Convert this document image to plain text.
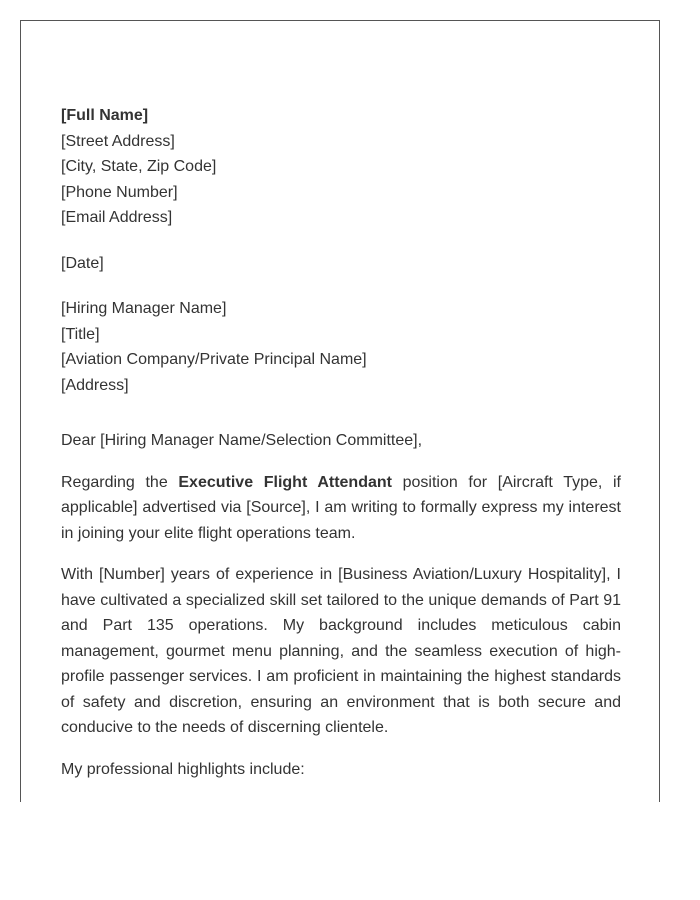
[Full Name]
[Street Address]
[City, State, Zip Code]
[Phone Number]
[Email Address]
[Date]
[Hiring Manager Name]
[Title]
[Aviation Company/Private Principal Name]
[Address]
Dear [Hiring Manager Name/Selection Committee],

Regarding the Executive Flight Attendant position for [Aircraft Type, if applicable] advertised via [Source], I am writing to formally express my interest in joining your elite flight operations team.

With [Number] years of experience in [Business Aviation/Luxury Hospitality], I have cultivated a specialized skill set tailored to the unique demands of Part 91 and Part 135 operations. My background includes meticulous cabin management, gourmet menu planning, and the seamless execution of high-profile passenger services. I am proficient in maintaining the highest standards of safety and discretion, ensuring an environment that is both secure and conducive to the needs of discerning clientele.

My professional highlights include:
